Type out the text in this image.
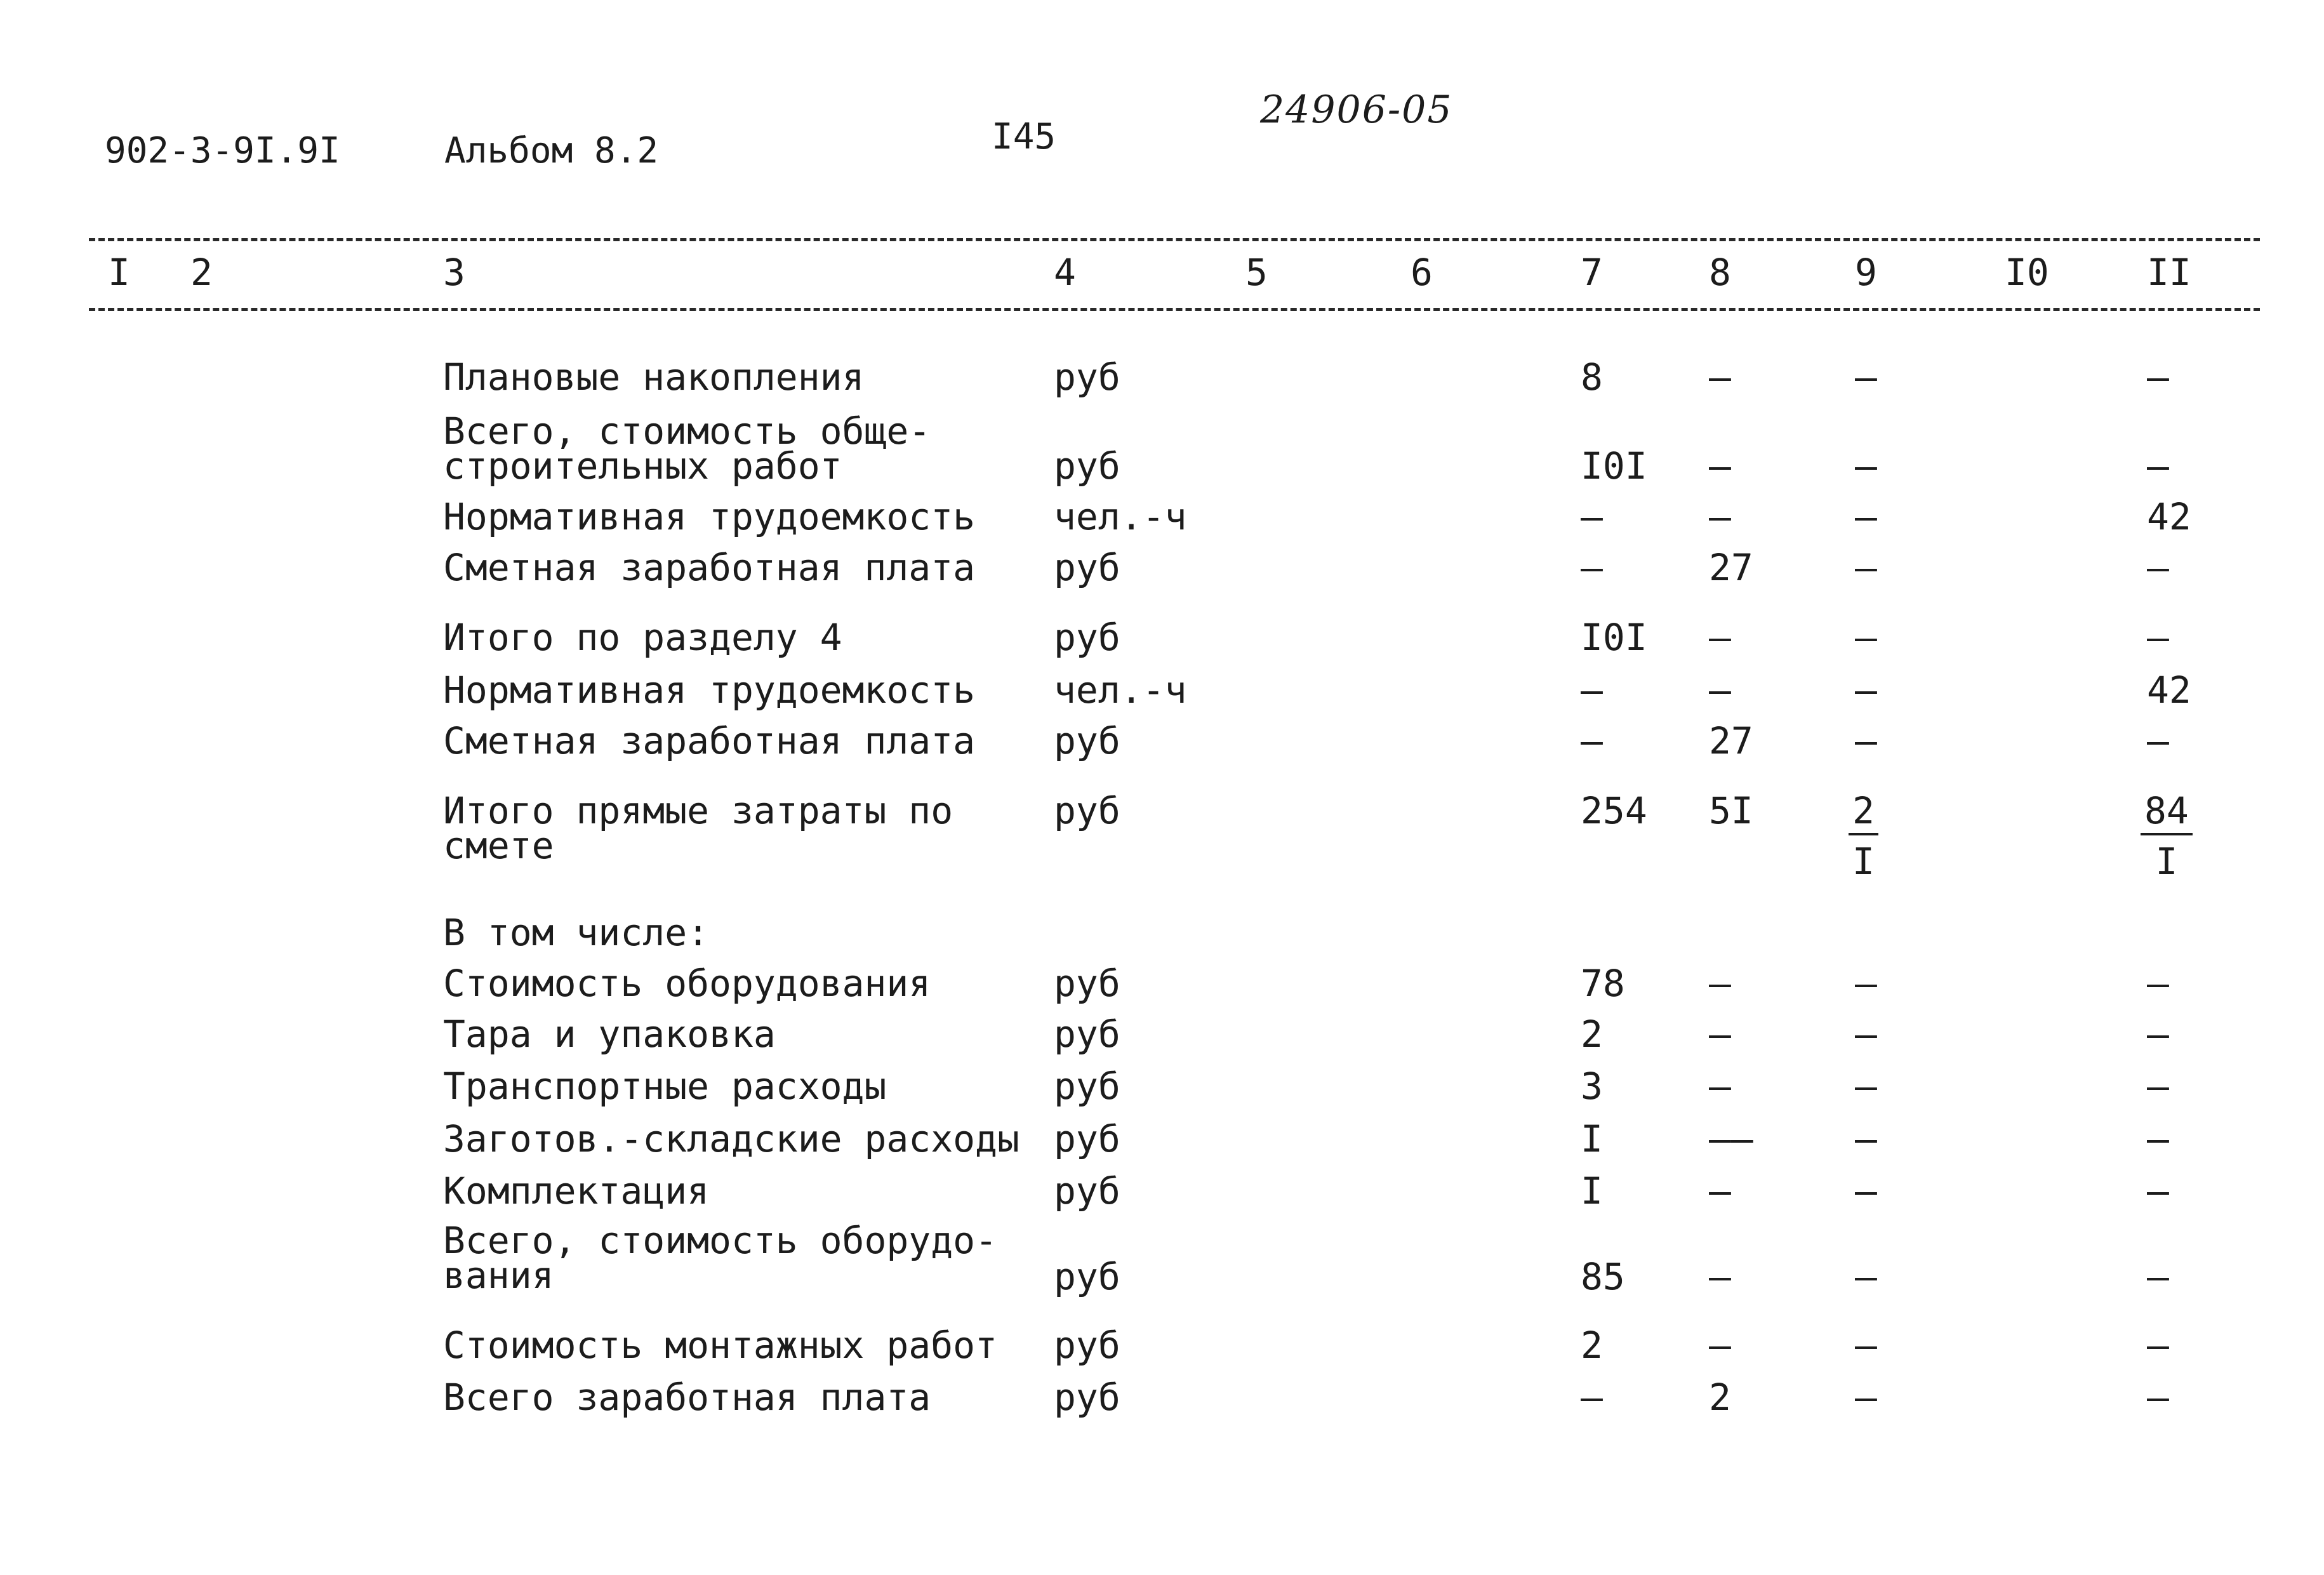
902-3-9I.9I	Альбом 8.2	I45
24906-05
I 2	3	4	5	6	7	8	9	I0	II
Плановые накопления	руб	8	–	–	–
Всего, стоимость обще-
строительных работ	руб	I0I –	–	–
Нормативная трудоемкость чел.-ч	–	–	–	42
Сметная заработная плата руб	–	27	–	–
Итого по разделу 4	руб	I0I –	–	–
Нормативная трудоемкость чел.-ч	–	–	–	42
Сметная заработная плата руб	–	27	–	–
Итого прямые затраты по
смете
руб	254 5I	$\frac{2}{I}$	$\frac{84}{I}$
В том числе:
Стоимость оборудования	руб	78 –	–	–
Тара и упаковка	руб	2	–	–	–
Транспортные расходы	руб	3	–	–	–
Заготов.-складские расходы руб	I	––	–	–
Комплектация	руб	I	–	–	–
Всего, стоимость оборудо-
вания	руб	85 –	–	–
Стоимость монтажных работ руб	2	–	–	–
Всего заработная плата	руб	–	2	–	–
